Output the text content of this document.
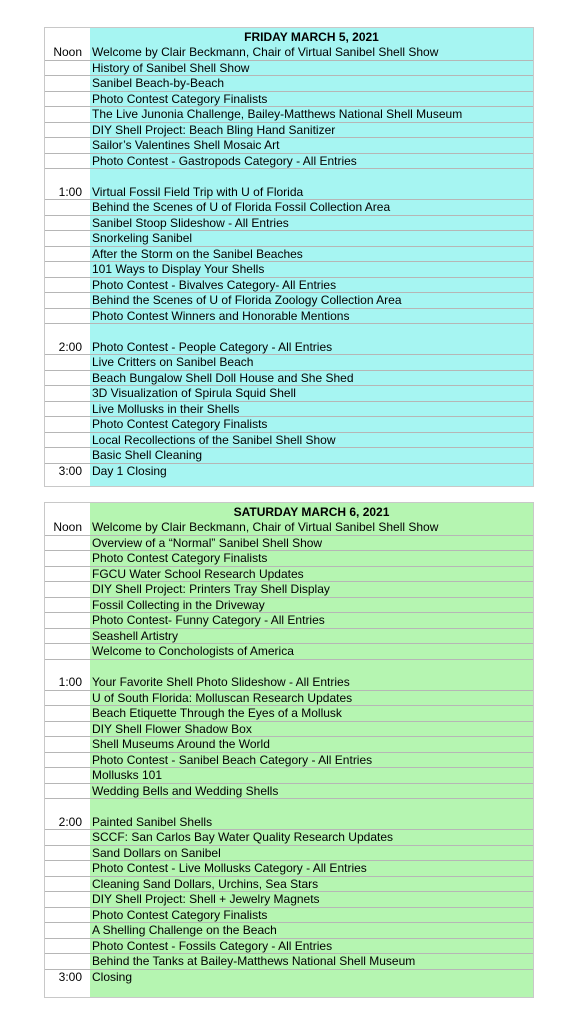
FRIDAY MARCH 5, 2021
Noon Welcome by Clair Beckmann, Chair of Virtual Sanibel Shell Show
History of Sanibel Shell Show
Sanibel Beach-by-Beach
Photo Contest Category Finalists
The Live Junonia Challenge, Bailey-Matthews National Shell Museum
DIY Shell Project: Beach Bling Hand Sanitizer
Sailor’s Valentines Shell Mosaic Art
Photo Contest - Gastropods Category - All Entries
1:00 Virtual Fossil Field Trip with U of Florida
Behind the Scenes of U of Florida Fossil Collection Area
Sanibel Stoop Slideshow - All Entries
Snorkeling Sanibel
After the Storm on the Sanibel Beaches
101 Ways to Display Your Shells
Photo Contest - Bivalves Category- All Entries
Behind the Scenes of U of Florida Zoology Collection Area
Photo Contest Winners and Honorable Mentions
2:00 Photo Contest - People Category - All Entries
Live Critters on Sanibel Beach
Beach Bungalow Shell Doll House and She Shed
3D Visualization of Spirula Squid Shell
Live Mollusks in their Shells
Photo Contest Category Finalists
Local Recollections of the Sanibel Shell Show
Basic Shell Cleaning
3:00 Day 1 Closing
SATURDAY MARCH 6, 2021
Noon Welcome by Clair Beckmann, Chair of Virtual Sanibel Shell Show
Overview of a “Normal” Sanibel Shell Show
Photo Contest Category Finalists
FGCU Water School Research Updates
DIY Shell Project: Printers Tray Shell Display
Fossil Collecting in the Driveway
Photo Contest- Funny Category - All Entries
Seashell Artistry
Welcome to Conchologists of America
1:00 Your Favorite Shell Photo Slideshow - All Entries
U of South Florida: Molluscan Research Updates
Beach Etiquette Through the Eyes of a Mollusk
DIY Shell Flower Shadow Box
Shell Museums Around the World
Photo Contest - Sanibel Beach Category - All Entries
Mollusks 101
Wedding Bells and Wedding Shells
2:00 Painted Sanibel Shells
SCCF: San Carlos Bay Water Quality Research Updates
Sand Dollars on Sanibel
Photo Contest - Live Mollusks Category - All Entries
Cleaning Sand Dollars, Urchins, Sea Stars
DIY Shell Project: Shell + Jewelry Magnets
Photo Contest Category Finalists
A Shelling Challenge on the Beach
Photo Contest - Fossils Category - All Entries
Behind the Tanks at Bailey-Matthews National Shell Museum
3:00 Closing
